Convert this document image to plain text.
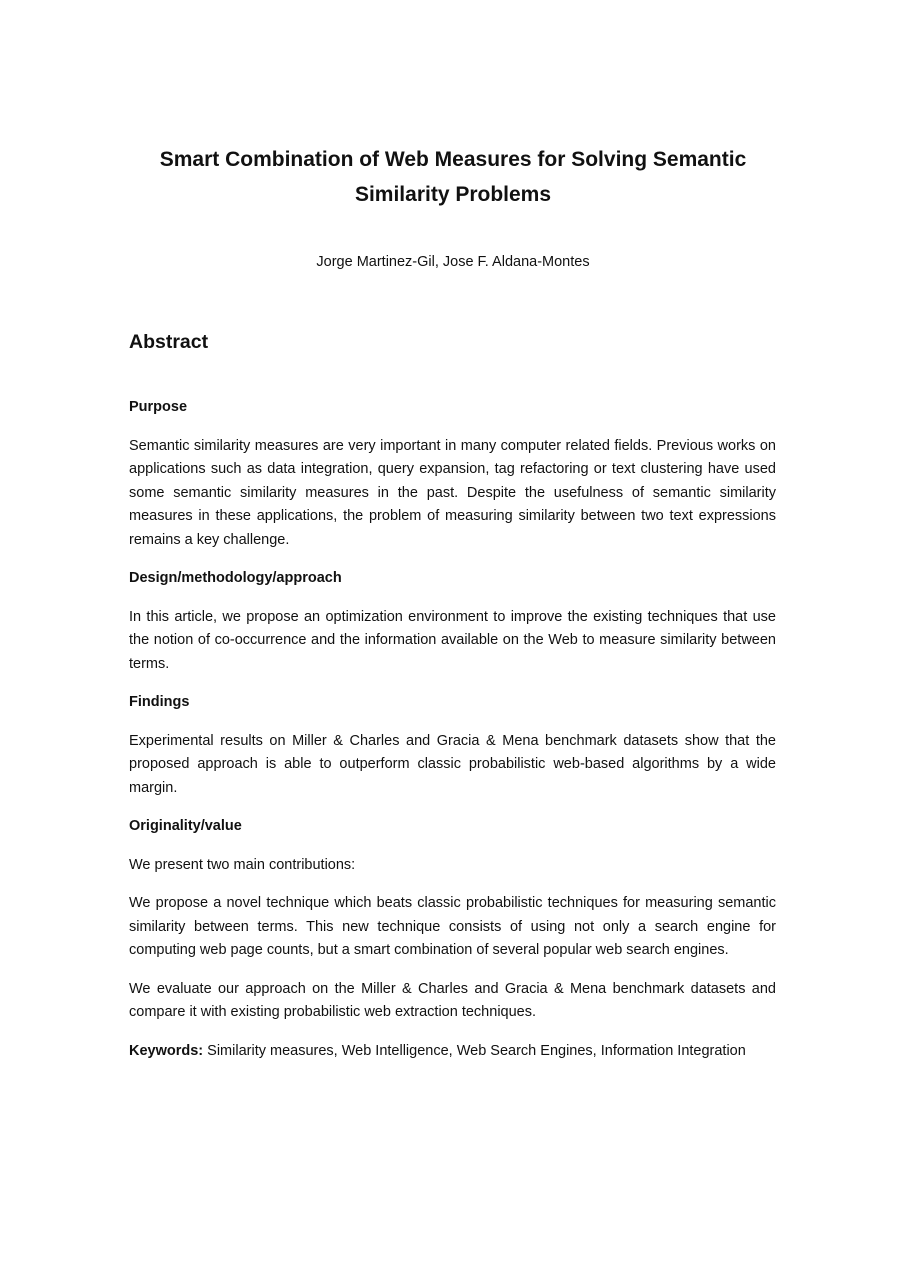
Smart Combination of Web Measures for Solving Semantic Similarity Problems

Jorge Martinez-Gil, Jose F. Aldana-Montes

Abstract
Purpose

Semantic similarity measures are very important in many computer related fields. Previous works on applications such as data integration, query expansion, tag refactoring or text clustering have used some semantic similarity measures in the past. Despite the usefulness of semantic similarity measures in these applications, the problem of measuring similarity between two text expressions remains a key challenge.

Design/methodology/approach

In this article, we propose an optimization environment to improve the existing techniques that use the notion of co-occurrence and the information available on the Web to measure similarity between terms.

Findings

Experimental results on Miller & Charles and Gracia & Mena benchmark datasets show that the proposed approach is able to outperform classic probabilistic web-based algorithms by a wide margin.

Originality/value

We present two main contributions:

We propose a novel technique which beats classic probabilistic techniques for measuring semantic similarity between terms. This new technique consists of using not only a search engine for computing web page counts, but a smart combination of several popular web search engines.

We evaluate our approach on the Miller & Charles and Gracia & Mena benchmark datasets and compare it with existing probabilistic web extraction techniques.

Keywords: Similarity measures, Web Intelligence, Web Search Engines, Information Integration
